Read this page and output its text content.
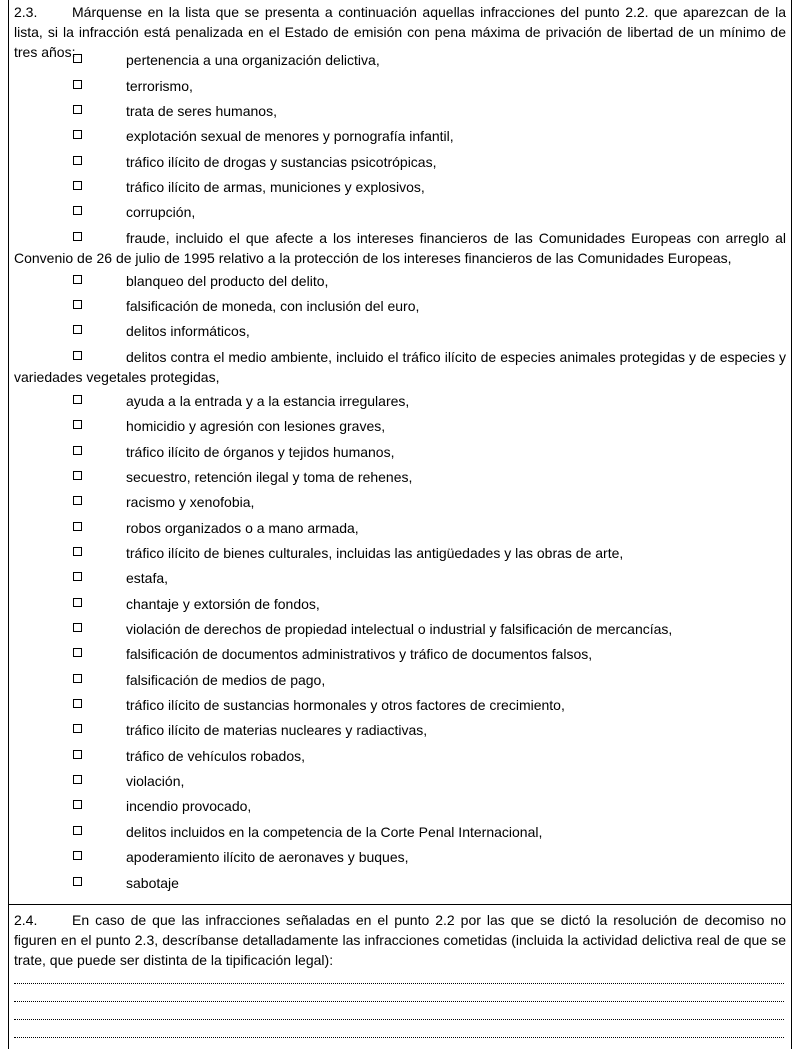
2.3. Márquense en la lista que se presenta a continuación aquellas infracciones del punto 2.2. que aparezcan de la lista, si la infracción está penalizada en el Estado de emisión con pena máxima de privación de libertad de un mínimo de tres años:	pertenencia a una organización delictiva,
terrorismo,
trata de seres humanos,
explotación sexual de menores y pornografía infantil,
tráfico ilícito de drogas y sustancias psicotrópicas,
tráfico ilícito de armas, municiones y explosivos,
corrupción,
fraude, incluido el que afecte a los intereses financieros de las Comunidades Europeas con arreglo al Convenio de 26 de julio de 1995 relativo a la protección de los intereses financieros de las Comunidades Europeas,
blanqueo del producto del delito,
falsificación de moneda, con inclusión del euro,
delitos informáticos,
delitos contra el medio ambiente, incluido el tráfico ilícito de especies animales protegidas y de especies y variedades vegetales protegidas,
ayuda a la entrada y a la estancia irregulares,
homicidio y agresión con lesiones graves,
tráfico ilícito de órganos y tejidos humanos,
secuestro, retención ilegal y toma de rehenes,
racismo y xenofobia,
robos organizados o a mano armada,
tráfico ilícito de bienes culturales, incluidas las antigüedades y las obras de arte,
estafa,
chantaje y extorsión de fondos,
violación de derechos de propiedad intelectual o industrial y falsificación de mercancías,
falsificación de documentos administrativos y tráfico de documentos falsos,
falsificación de medios de pago,
tráfico ilícito de sustancias hormonales y otros factores de crecimiento,
tráfico ilícito de materias nucleares y radiactivas,
tráfico de vehículos robados,
violación,
incendio provocado,
delitos incluidos en la competencia de la Corte Penal Internacional,
apoderamiento ilícito de aeronaves y buques,
sabotaje
2.4. En caso de que las infracciones señaladas en el punto 2.2 por las que se dictó la resolución de decomiso no figuren en el punto 2.3, descríbanse detalladamente las infracciones cometidas (incluida la actividad delictiva real de que se trate, que puede ser distinta de la tipificación legal):
